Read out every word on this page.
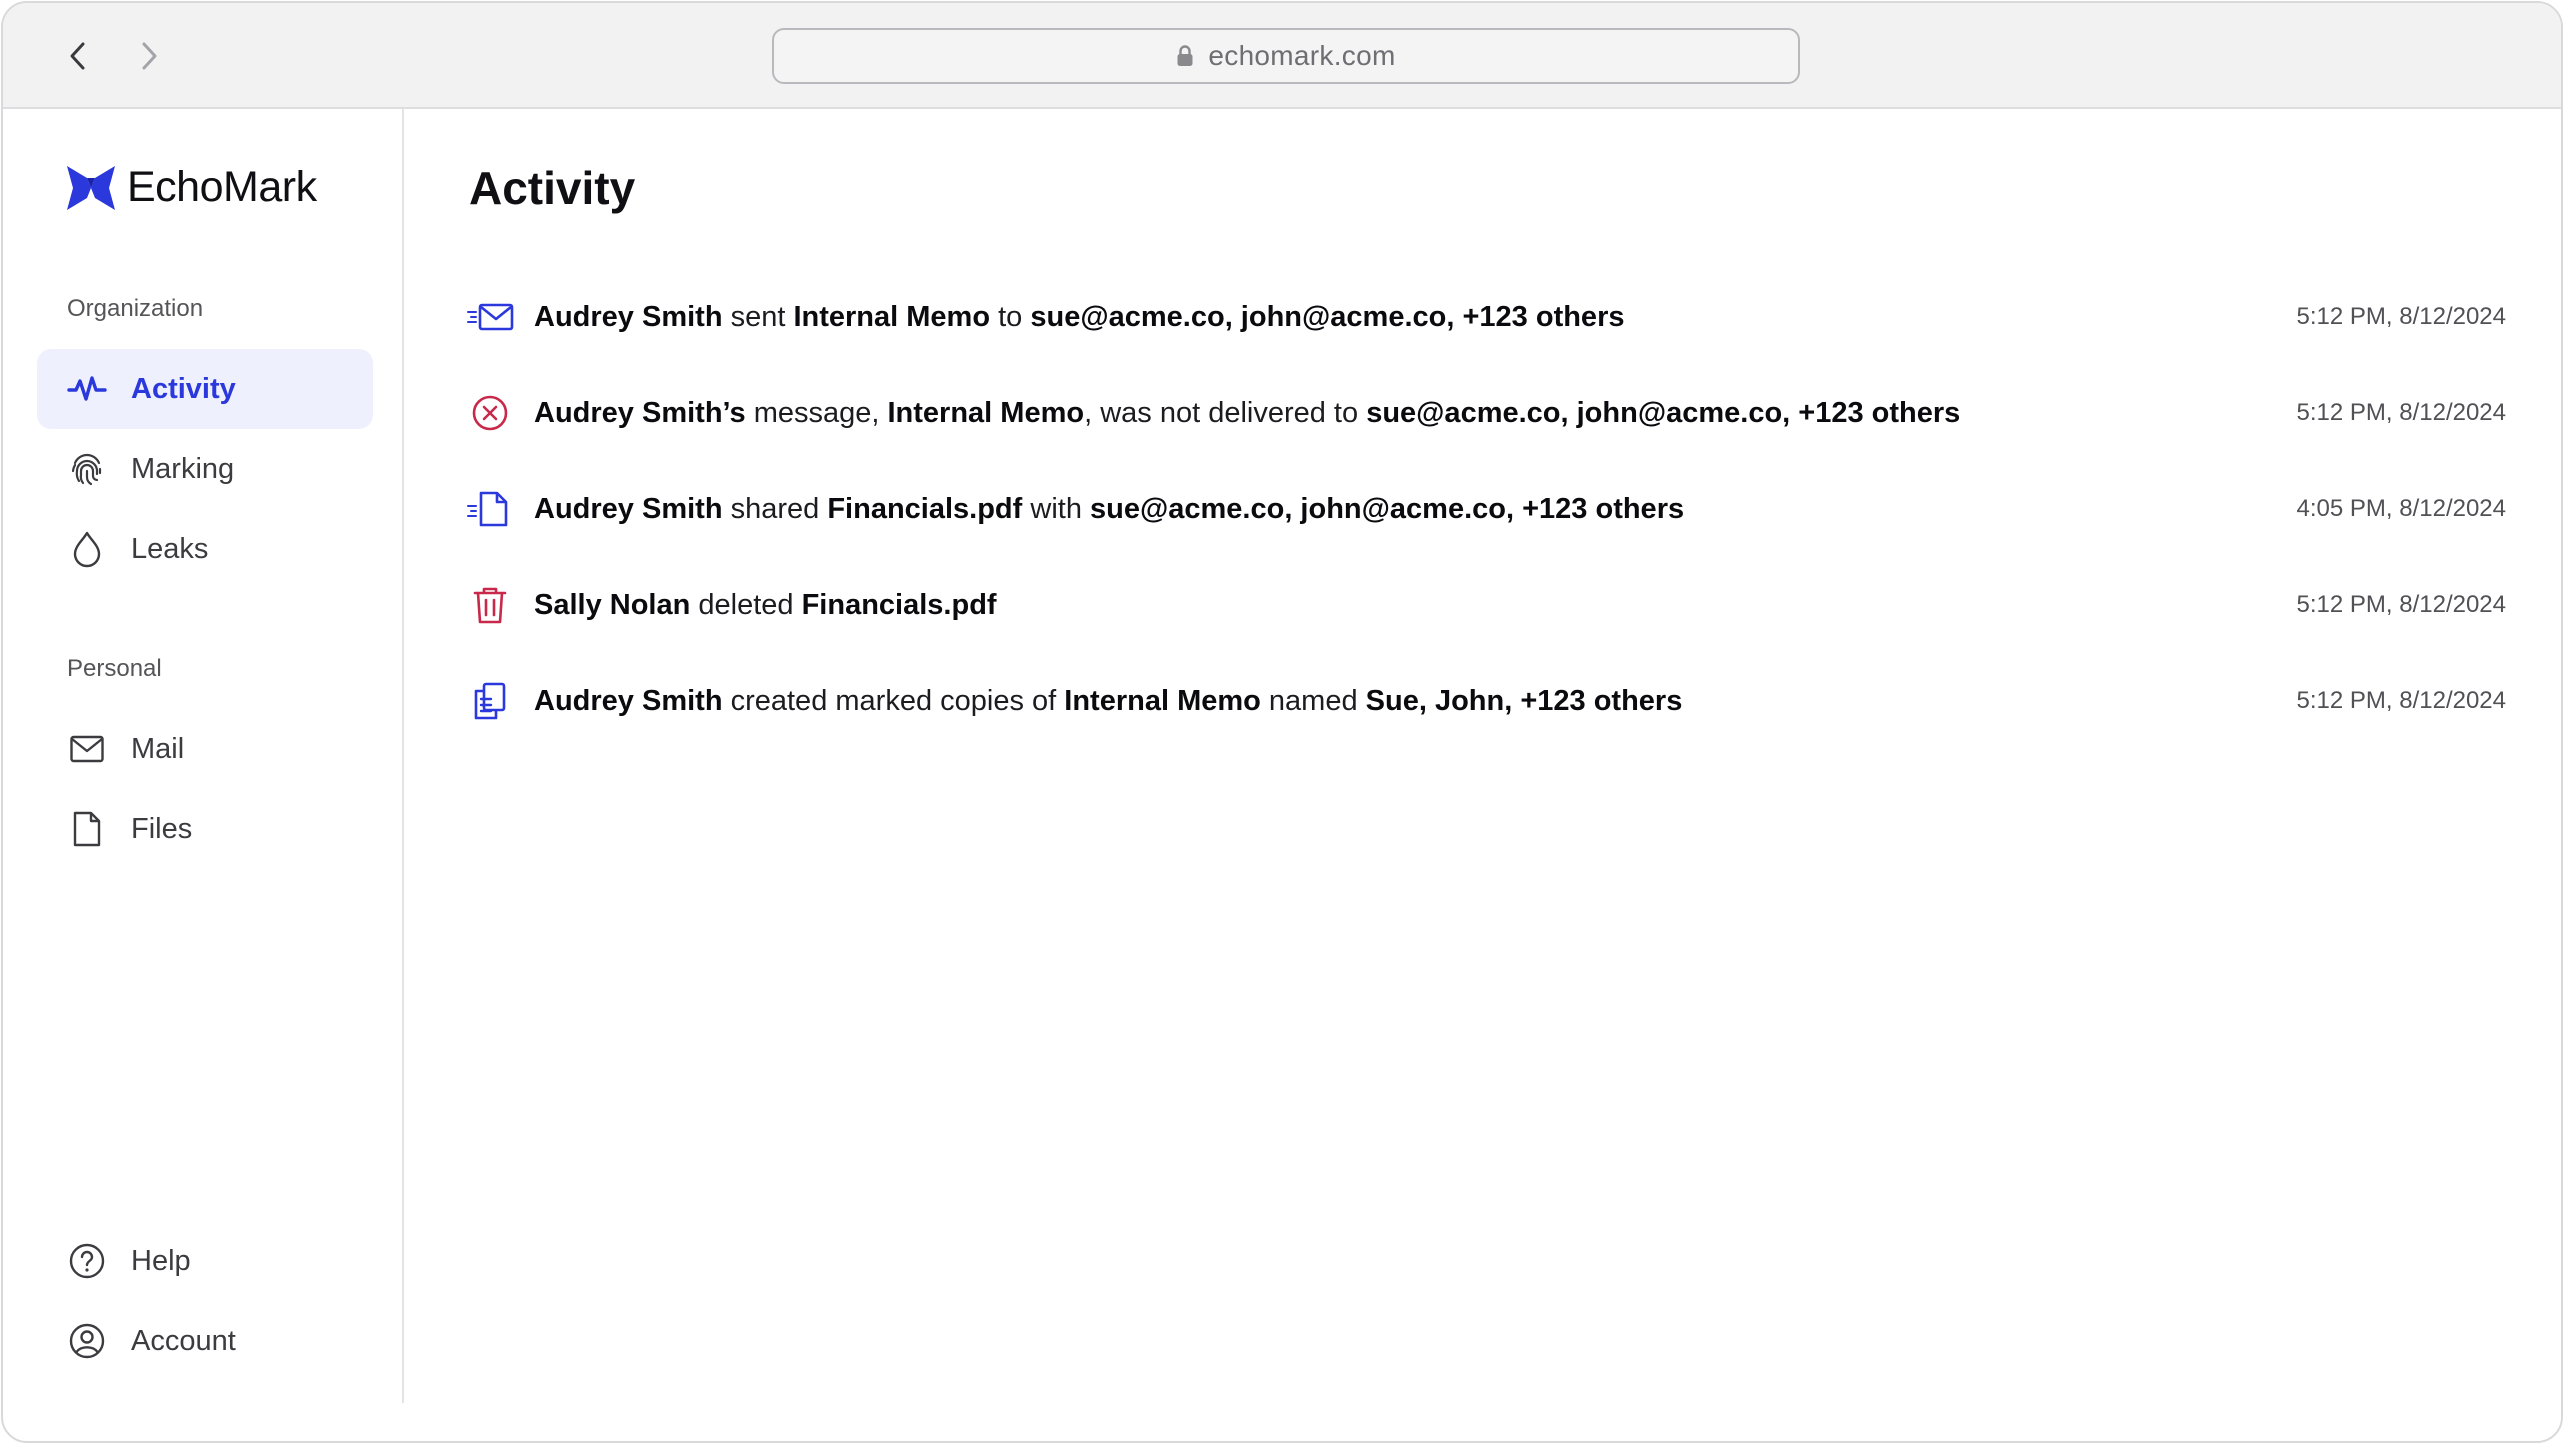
echomark.com
EchoMark
Organization
Activity
Marking
Leaks
Personal
Mail
Files
Help
Account
Activity
Audrey Smith sent Internal Memo to sue@acme.co, john@acme.co, +123 others	5:12 PM, 8/12/2024
Audrey Smith’s message, Internal Memo, was not delivered to sue@acme.co, john@acme.co, +123 others	5:12 PM, 8/12/2024
Audrey Smith shared Financials.pdf with sue@acme.co, john@acme.co, +123 others	4:05 PM, 8/12/2024
Sally Nolan deleted Financials.pdf	5:12 PM, 8/12/2024
Audrey Smith created marked copies of Internal Memo named Sue, John, +123 others	5:12 PM, 8/12/2024
